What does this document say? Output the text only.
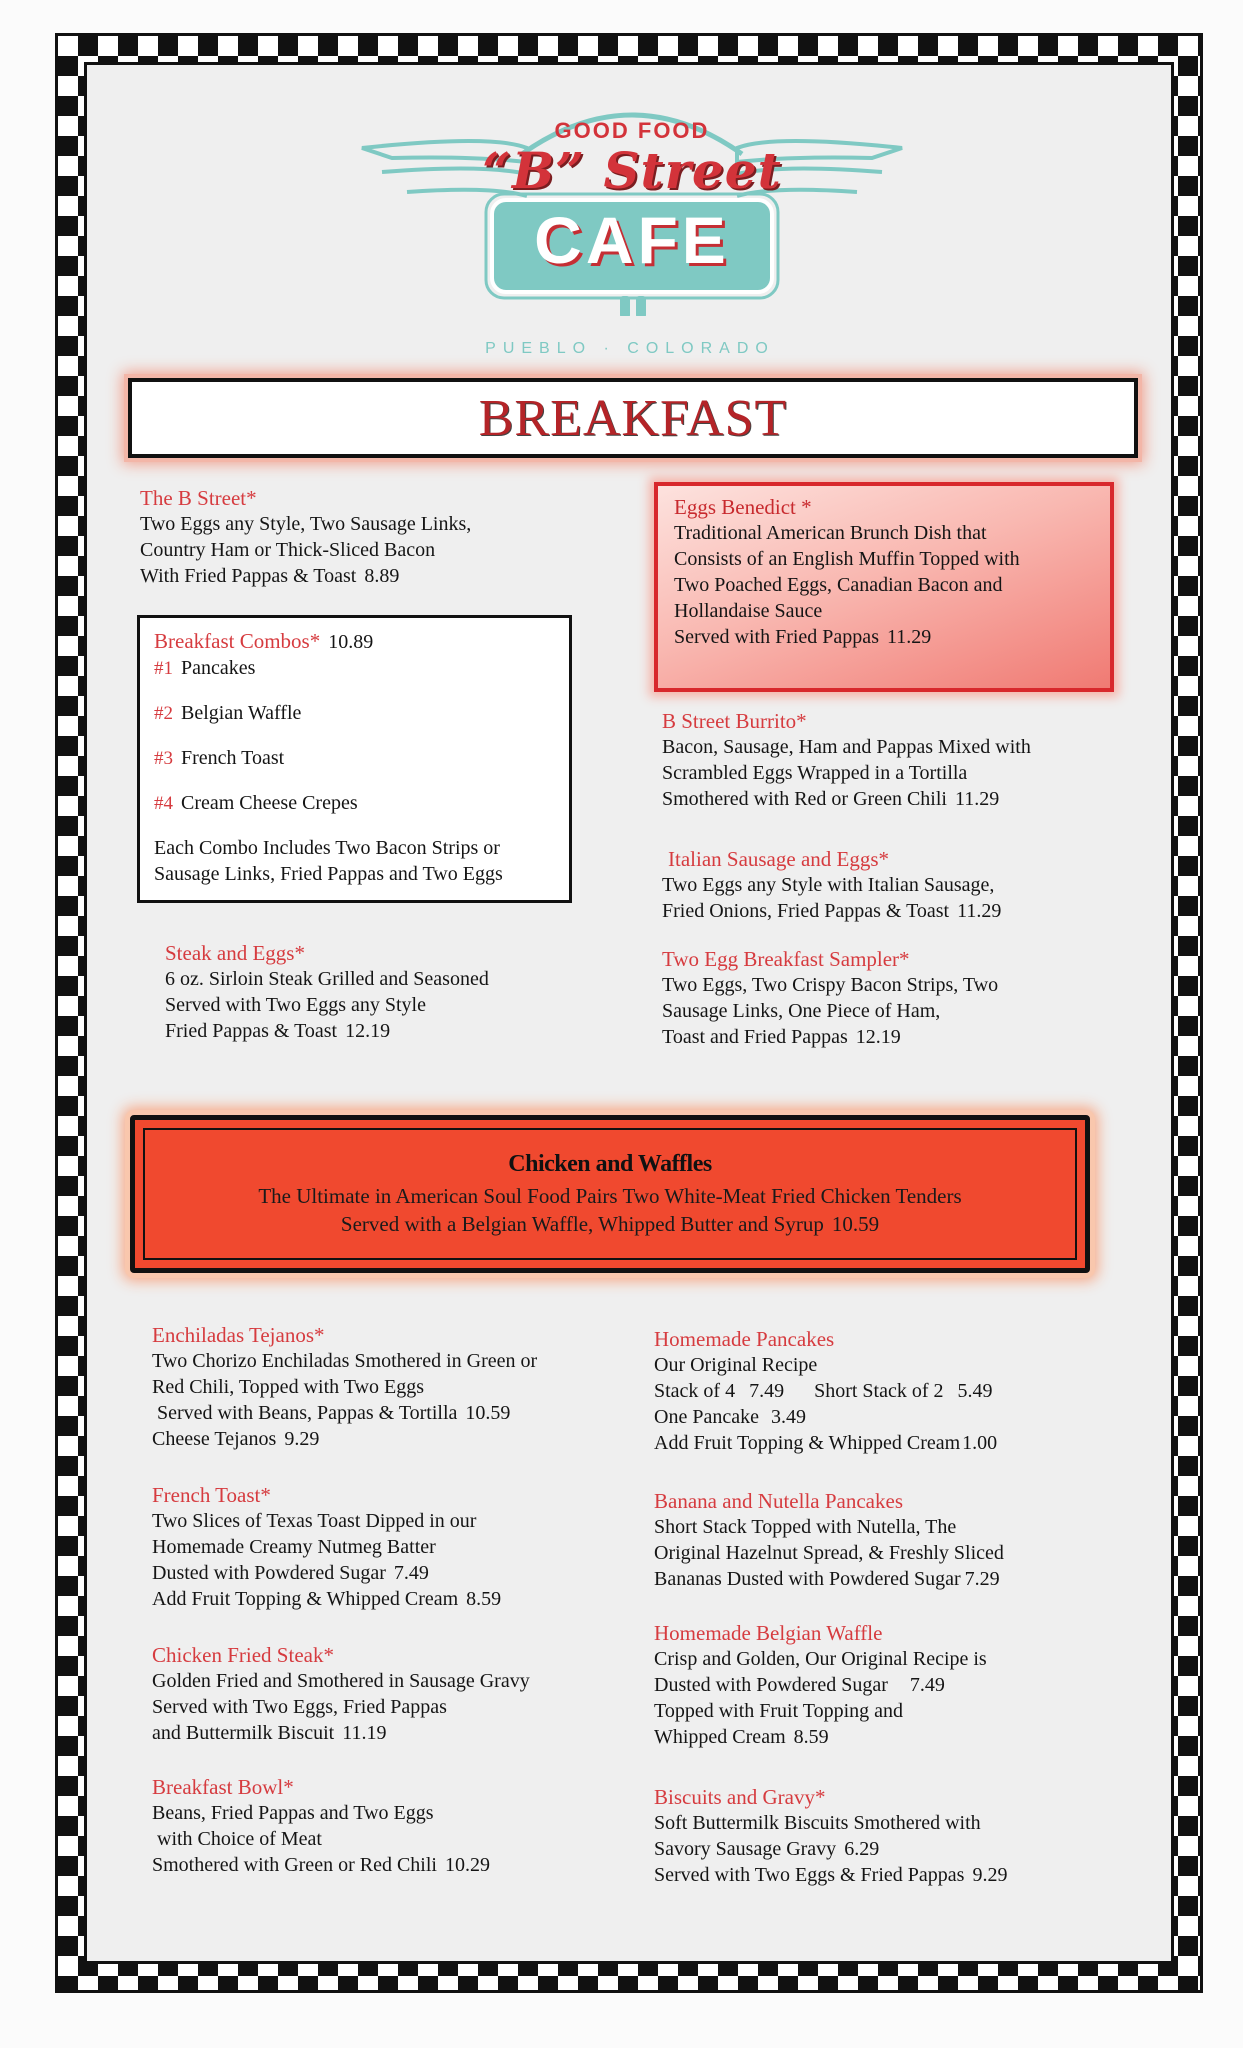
GOOD FOOD
“B” Street
CAFE
PUEBLO · COLORADO
BREAKFAST
The B Street*
Two Eggs any Style, Two Sausage Links,
Country Ham or Thick-Sliced Bacon
With Fried Pappas & Toast 8.89
Breakfast Combos* 10.89
#1 Pancakes
#2 Belgian Waffle
#3 French Toast
#4 Cream Cheese Crepes
Each Combo Includes Two Bacon Strips or
Sausage Links, Fried Pappas and Two Eggs
Steak and Eggs*
6 oz. Sirloin Steak Grilled and Seasoned
Served with Two Eggs any Style
Fried Pappas & Toast 12.19
Eggs Benedict *
Traditional American Brunch Dish that
Consists of an English Muffin Topped with
Two Poached Eggs, Canadian Bacon and
Hollandaise Sauce
Served with Fried Pappas 11.29
B Street Burrito*
Bacon, Sausage, Ham and Pappas Mixed with
Scrambled Eggs Wrapped in a Tortilla
Smothered with Red or Green Chili 11.29
Italian Sausage and Eggs*
Two Eggs any Style with Italian Sausage,
Fried Onions, Fried Pappas & Toast 11.29
Two Egg Breakfast Sampler*
Two Eggs, Two Crispy Bacon Strips, Two
Sausage Links, One Piece of Ham,
Toast and Fried Pappas 12.19
Chicken and Waffles
The Ultimate in American Soul Food Pairs Two White-Meat Fried Chicken Tenders
Served with a Belgian Waffle, Whipped Butter and Syrup 10.59
Enchiladas Tejanos*
Two Chorizo Enchiladas Smothered in Green or
Red Chili, Topped with Two Eggs
Served with Beans, Pappas & Tortilla 10.59
Cheese Tejanos 9.29
French Toast*
Two Slices of Texas Toast Dipped in our
Homemade Creamy Nutmeg Batter
Dusted with Powdered Sugar 7.49
Add Fruit Topping & Whipped Cream 8.59
Chicken Fried Steak*
Golden Fried and Smothered in Sausage Gravy
Served with Two Eggs, Fried Pappas
and Buttermilk Biscuit 11.19
Breakfast Bowl*
Beans, Fried Pappas and Two Eggs
with Choice of Meat
Smothered with Green or Red Chili 10.29
Homemade Pancakes
Our Original Recipe
Stack of 4 7.49 Short Stack of 2 5.49
One Pancake 3.49
Add Fruit Topping & Whipped Cream 1.00
Banana and Nutella Pancakes
Short Stack Topped with Nutella, The
Original Hazelnut Spread, & Freshly Sliced
Bananas Dusted with Powdered Sugar 7.29
Homemade Belgian Waffle
Crisp and Golden, Our Original Recipe is
Dusted with Powdered Sugar 7.49
Topped with Fruit Topping and
Whipped Cream 8.59
Biscuits and Gravy*
Soft Buttermilk Biscuits Smothered with
Savory Sausage Gravy 6.29
Served with Two Eggs & Fried Pappas 9.29
